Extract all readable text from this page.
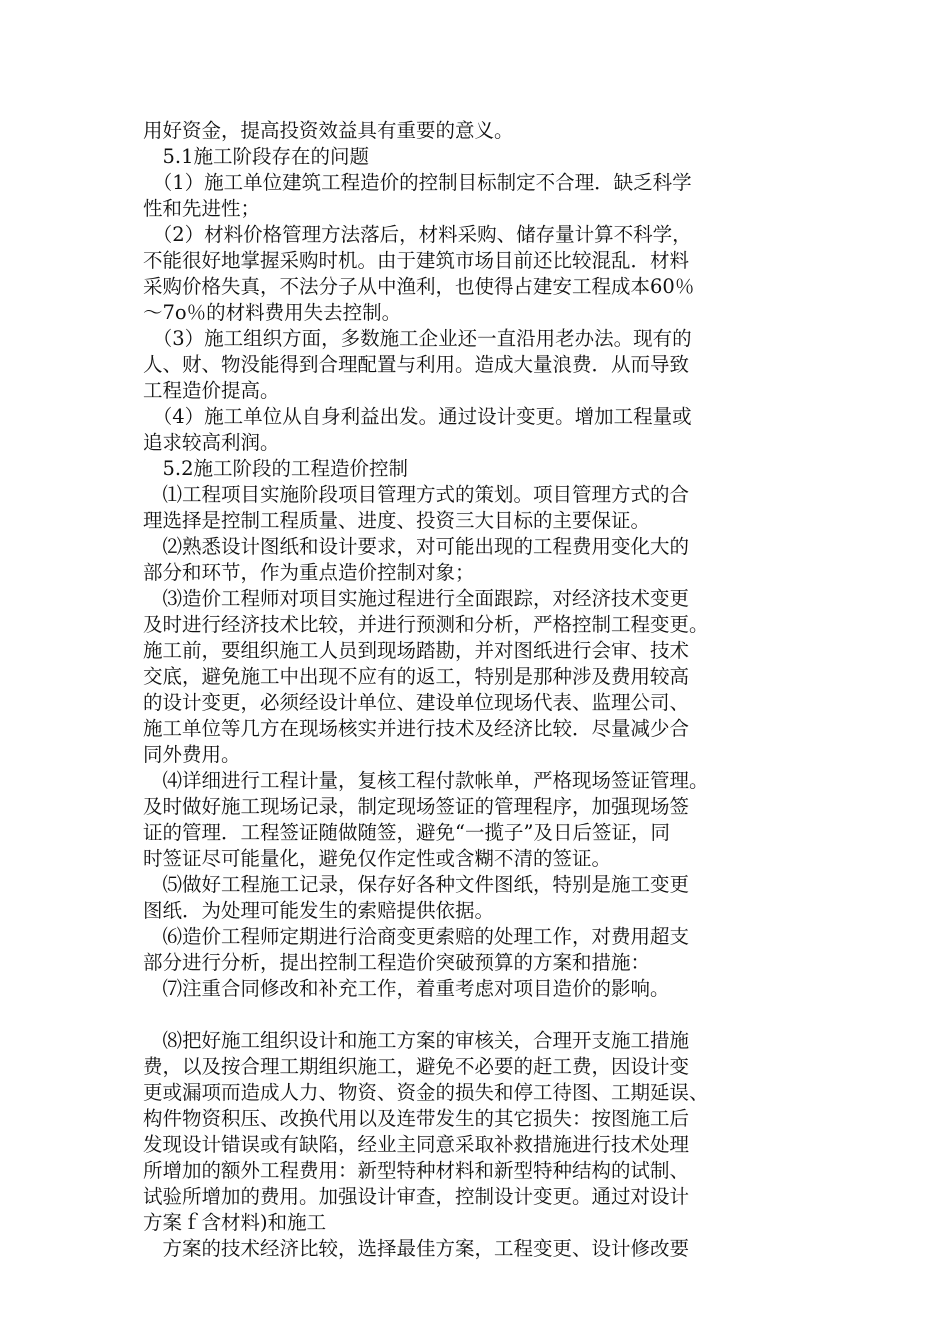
用好资金，提高投资效益具有重要的意义。
　5.1施工阶段存在的问题
　（1）施工单位建筑工程造价的控制目标制定不合理．缺乏科学
性和先进性；
　（2）材料价格管理方法落后，材料采购、储存量计算不科学，
不能很好地掌握采购时机。由于建筑市场目前还比较混乱．材料
采购价格失真，不法分子从中渔利，也使得占建安工程成本60％
～7o％的材料费用失去控制。
　（3）施工组织方面，多数施工企业还一直沿用老办法。现有的
人、财、物没能得到合理配置与利用。造成大量浪费．从而导致
工程造价提高。
　（4）施工单位从自身利益出发。通过设计变更。增加工程量或
追求较高利润。
　5.2施工阶段的工程造价控制
　⑴工程项目实施阶段项目管理方式的策划。项目管理方式的合
理选择是控制工程质量、进度、投资三大目标的主要保证。
　⑵熟悉设计图纸和设计要求，对可能出现的工程费用变化大的
部分和环节，作为重点造价控制对象；
　⑶造价工程师对项目实施过程进行全面跟踪，对经济技术变更
及时进行经济技术比较，并进行预测和分析，严格控制工程变更。
施工前，要组织施工人员到现场踏勘，并对图纸进行会审、技术
交底，避免施工中出现不应有的返工，特别是那种涉及费用较高
的设计变更，必须经设计单位、建设单位现场代表、监理公司、
施工单位等几方在现场核实并进行技术及经济比较．尽量减少合
同外费用。
　⑷详细进行工程计量，复核工程付款帐单，严格现场签证管理。
及时做好施工现场记录，制定现场签证的管理程序，加强现场签
证的管理．工程签证随做随签，避免“一揽子”及日后签证，同
时签证尽可能量化，避免仅作定性或含糊不清的签证。
　⑸做好工程施工记录，保存好各种文件图纸，特别是施工变更
图纸．为处理可能发生的索赔提供依据。
　⑹造价工程师定期进行洽商变更索赔的处理工作，对费用超支
部分进行分析，提出控制工程造价突破预算的方案和措施：
　⑺注重合同修改和补充工作，着重考虑对项目造价的影响。
　⑻把好施工组织设计和施工方案的审核关，合理开支施工措施
费，以及按合理工期组织施工，避免不必要的赶工费，因设计变
更或漏项而造成人力、物资、资金的损失和停工待图、工期延误、
构件物资积压、改换代用以及连带发生的其它损失：按图施工后
发现设计错误或有缺陷，经业主同意采取补救措施进行技术处理
所增加的额外工程费用：新型特种材料和新型特种结构的试制、
试验所增加的费用。加强设计审查，控制设计变更。通过对设计
方案ｆ含材料)和施工
　方案的技术经济比较，选择最佳方案，工程变更、设计修改要
